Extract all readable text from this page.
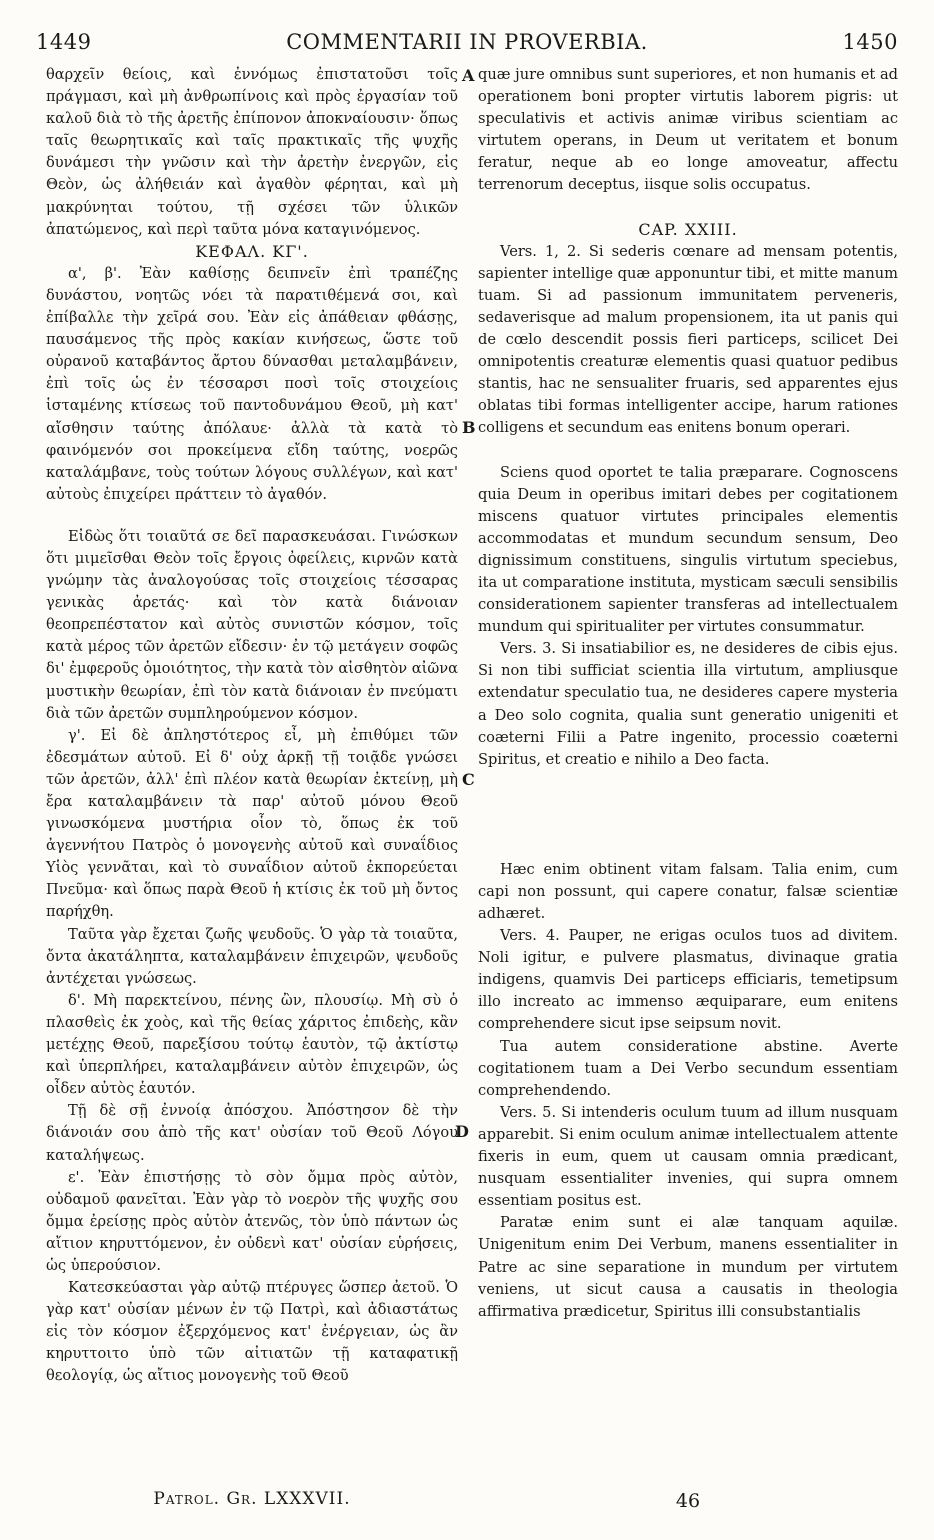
1449	COMMENTARII IN PROVERBIA.	1450

θαρχεῖν θείοις, καὶ ἐννόμως ἐπιστατοῦσι τοῖς πράγμασι, καὶ μὴ ἀνθρωπίνοις καὶ πρὸς ἐργασίαν τοῦ καλοῦ διὰ τὸ τῆς ἀρετῆς ἐπίπονον ἀποκναίουσιν· ὅπως ταῖς θεωρητικαῖς καὶ ταῖς πρακτικαῖς τῆς ψυχῆς δυνάμεσι τὴν γνῶσιν καὶ τὴν ἀρετὴν ἐνεργῶν, εἰς Θεὸν, ὡς ἀλήθειάν καὶ ἀγαθὸν φέρηται, καὶ μὴ μακρύνηται τούτου, τῇ σχέσει τῶν ὑλικῶν ἀπατώμενος, καὶ περὶ ταῦτα μόνα καταγινόμενος.

ΚΕΦΑΛ. ΚΓ'.

α', β'. Ἐὰν καθίσῃς δειπνεῖν ἐπὶ τραπέζης δυνάστου, νοητῶς νόει τὰ παρατιθέμενά σοι, καὶ ἐπίβαλλε τὴν χεῖρά σου. Ἐὰν εἰς ἀπάθειαν φθάσῃς, παυσάμενος τῆς πρὸς κακίαν κινήσεως, ὥστε τοῦ οὐρανοῦ καταβάντος ἄρτου δύνασθαι μεταλαμβάνειν, ἐπὶ τοῖς ὡς ἐν τέσσαρσι ποσὶ τοῖς στοιχείοις ἱσταμένης κτίσεως τοῦ παντοδυνάμου Θεοῦ, μὴ κατ' αἴσθησιν ταύτης ἀπόλαυε· ἀλλὰ τὰ κατὰ τὸ φαινόμενόν σοι προκείμενα εἴδη ταύτης, νοερῶς καταλάμβανε, τοὺς τούτων λόγους συλλέγων, καὶ κατ' αὐτοὺς ἐπιχείρει πράττειν τὸ ἀγαθόν.

Εἰδὼς ὅτι τοιαῦτά σε δεῖ παρασκευάσαι. Γινώσκων ὅτι μιμεῖσθαι Θεὸν τοῖς ἔργοις ὀφείλεις, κιρνῶν κατὰ γνώμην τὰς ἀναλογούσας τοῖς στοιχείοις τέσσαρας γενικὰς ἀρετάς· καὶ τὸν κατὰ διάνοιαν θεοπρεπέστατον καὶ αὐτὸς συνιστῶν κόσμον, τοῖς κατὰ μέρος τῶν ἀρετῶν εἴδεσιν· ἐν τῷ μετάγειν σοφῶς δι' ἐμφεροῦς ὁμοιότητος, τὴν κατὰ τὸν αἰσθητὸν αἰῶνα μυστικὴν θεωρίαν, ἐπὶ τὸν κατὰ διάνοιαν ἐν πνεύματι διὰ τῶν ἀρετῶν συμπληρούμενον κόσμον.

γ'. Εἰ δὲ ἀπληστότερος εἶ, μὴ ἐπιθύμει τῶν ἐδεσμάτων αὐτοῦ. Εἰ δ' οὐχ ἀρκῇ τῇ τοιᾷδε γνώσει τῶν ἀρετῶν, ἀλλ' ἐπὶ πλέον κατὰ θεωρίαν ἐκτείνῃ, μὴ ἔρα καταλαμβάνειν τὰ παρ' αὐτοῦ μόνου Θεοῦ γινωσκόμενα μυστήρια οἷον τὸ, ὅπως ἐκ τοῦ ἀγεννήτου Πατρὸς ὁ μονογενὴς αὐτοῦ καὶ συναΐδιος Υἱὸς γεννᾶται, καὶ τὸ συναΐδιον αὐτοῦ ἐκπορεύεται Πνεῦμα· καὶ ὅπως παρὰ Θεοῦ ἡ κτίσις ἐκ τοῦ μὴ ὄντος παρήχθη.

Ταῦτα γὰρ ἔχεται ζωῆς ψευδοῦς. Ὁ γὰρ τὰ τοιαῦτα, ὄντα ἀκατάληπτα, καταλαμβάνειν ἐπιχειρῶν, ψευδοῦς ἀντέχεται γνώσεως.

δ'. Μὴ παρεκτείνου, πένης ὢν, πλουσίῳ. Μὴ σὺ ὁ πλασθεὶς ἐκ χοὸς, καὶ τῆς θείας χάριτος ἐπιδεὴς, κἂν μετέχῃς Θεοῦ, παρεξίσου τούτῳ ἑαυτὸν, τῷ ἀκτίστῳ καὶ ὑπερπλήρει, καταλαμβάνειν αὐτὸν ἐπιχειρῶν, ὡς οἶδεν αὐτὸς ἑαυτόν.

Τῇ δὲ σῇ ἐννοίᾳ ἀπόσχου. Ἀπόστησον δὲ τὴν διάνοιάν σου ἀπὸ τῆς κατ' οὐσίαν τοῦ Θεοῦ Λόγου καταλήψεως.

ε'. Ἐὰν ἐπιστήσῃς τὸ σὸν ὄμμα πρὸς αὐτὸν, οὐδαμοῦ φανεῖται. Ἐὰν γὰρ τὸ νοερὸν τῆς ψυχῆς σου ὄμμα ἐρείσῃς πρὸς αὐτὸν ἀτενῶς, τὸν ὑπὸ πάντων ὡς αἴτιον κηρυττόμενον, ἐν οὐδενὶ κατ' οὐσίαν εὑρήσεις, ὡς ὑπερούσιον.

Κατεσκεύασται γὰρ αὐτῷ πτέρυγες ὥσπερ ἀετοῦ. Ὁ γὰρ κατ' οὐσίαν μένων ἐν τῷ Πατρὶ, καὶ ἀδιαστάτως εἰς τὸν κόσμον ἐξερχόμενος κατ' ἐνέργειαν, ὡς ἂν κηρυττοιτο ὑπὸ τῶν αἰτιατῶν τῇ καταφατικῇ θεολογίᾳ, ὡς αἴτιος μονογενὴς τοῦ Θεοῦ

quæ jure omnibus sunt superiores, et non humanis et ad operationem boni propter virtutis laborem pigris: ut speculativis et activis animæ viribus scientiam ac virtutem operans, in Deum ut veritatem et bonum feratur, neque ab eo longe amoveatur, affectu terrenorum deceptus, iisque solis occupatus.

CAP. XXIII.

Vers. 1, 2. Si sederis cœnare ad mensam potentis, sapienter intellige quæ apponuntur tibi, et mitte manum tuam. Si ad passionum immunitatem perveneris, sedaverisque ad malum propensionem, ita ut panis qui de cœlo descendit possis fieri particeps, scilicet Dei omnipotentis creaturæ elementis quasi quatuor pedibus stantis, hac ne sensualiter fruaris, sed apparentes ejus oblatas tibi formas intelligenter accipe, harum rationes colligens et secundum eas enitens bonum operari.

Sciens quod oportet te talia præparare. Cognoscens quia Deum in operibus imitari debes per cogitationem miscens quatuor virtutes principales elementis accommodatas et mundum secundum sensum, Deo dignissimum constituens, singulis virtutum speciebus, ita ut comparatione instituta, mysticam sæculi sensibilis considerationem sapienter transferas ad intellectualem mundum qui spiritualiter per virtutes consummatur.

Vers. 3. Si insatiabilior es, ne desideres de cibis ejus. Si non tibi sufficiat scientia illa virtutum, ampliusque extendatur speculatio tua, ne desideres capere mysteria a Deo solo cognita, qualia sunt generatio unigeniti et coæterni Filii a Patre ingenito, processio coæterni Spiritus, et creatio e nihilo a Deo facta.

Hæc enim obtinent vitam falsam. Talia enim, cum capi non possunt, qui capere conatur, falsæ scientiæ adhæret.

Vers. 4. Pauper, ne erigas oculos tuos ad divitem. Noli igitur, e pulvere plasmatus, divinaque gratia indigens, quamvis Dei particeps efficiaris, temetipsum illo increato ac immenso æquiparare, eum enitens comprehendere sicut ipse seipsum novit.

Tua autem consideratione abstine. Averte cogitationem tuam a Dei Verbo secundum essentiam comprehendendo.

Vers. 5. Si intenderis oculum tuum ad illum nusquam apparebit. Si enim oculum animæ intellectualem attente fixeris in eum, quem ut causam omnia prædicant, nusquam essentialiter invenies, qui supra omnem essentiam positus est.

Paratæ enim sunt ei alæ tanquam aquilæ. Unigenitum enim Dei Verbum, manens essentialiter in Patre ac sine separatione in mundum per virtutem veniens, ut sicut causa a causatis in theologia affirmativa prædicetur, Spiritus illi consubstantialis

A
B
C
D
Patrol. Gr. LXXXVII.	46
